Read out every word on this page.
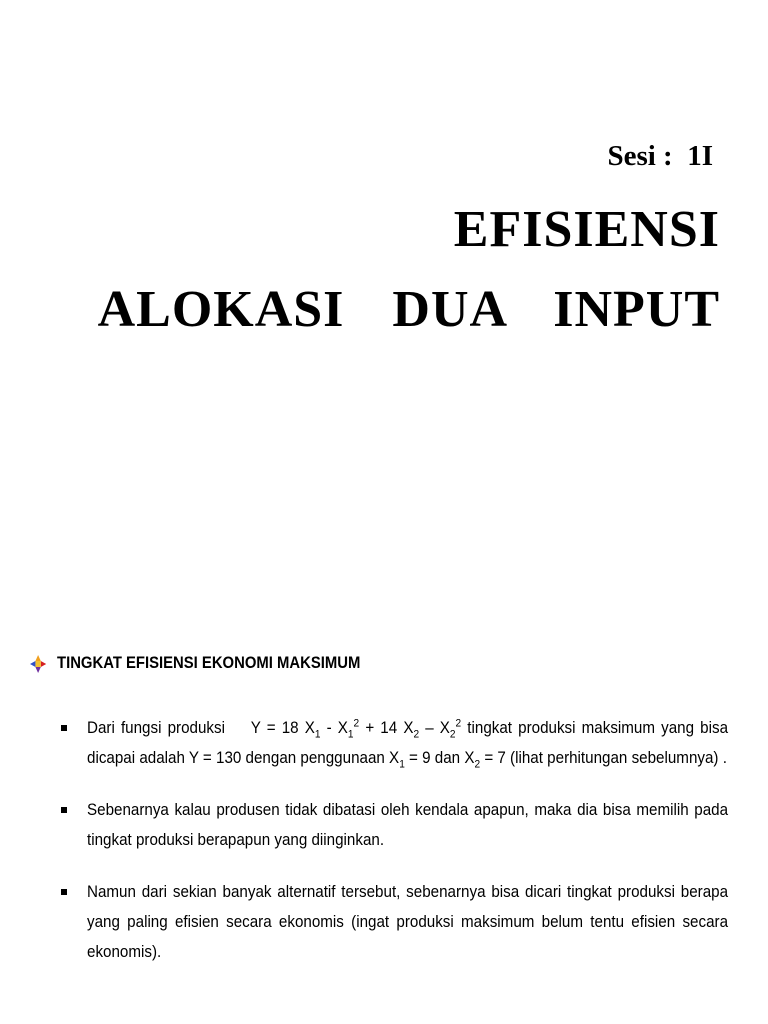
Sesi :  1I
EFISIENSI
ALOKASI  DUA  INPUT
TINGKAT EFISIENSI EKONOMI MAKSIMUM
Dari fungsi produksi Y = 18 $X_1 - X_1^2 + 14$ $X_2 - X_2^2$ tingkat produksi maksimum yang bisa dicapai adalah Y = 130 dengan penggunaan $X_1 = 9$ dan $X_2 = 7$ (lihat perhitungan sebelumnya) .
Sebenarnya kalau produsen tidak dibatasi oleh kendala apapun, maka dia bisa memilih pada tingkat produksi berapapun yang diinginkan.
Namun dari sekian banyak alternatif tersebut, sebenarnya bisa dicari tingkat produksi berapa yang paling efisien secara ekonomis (ingat produksi maksimum belum tentu efisien secara ekonomis).
